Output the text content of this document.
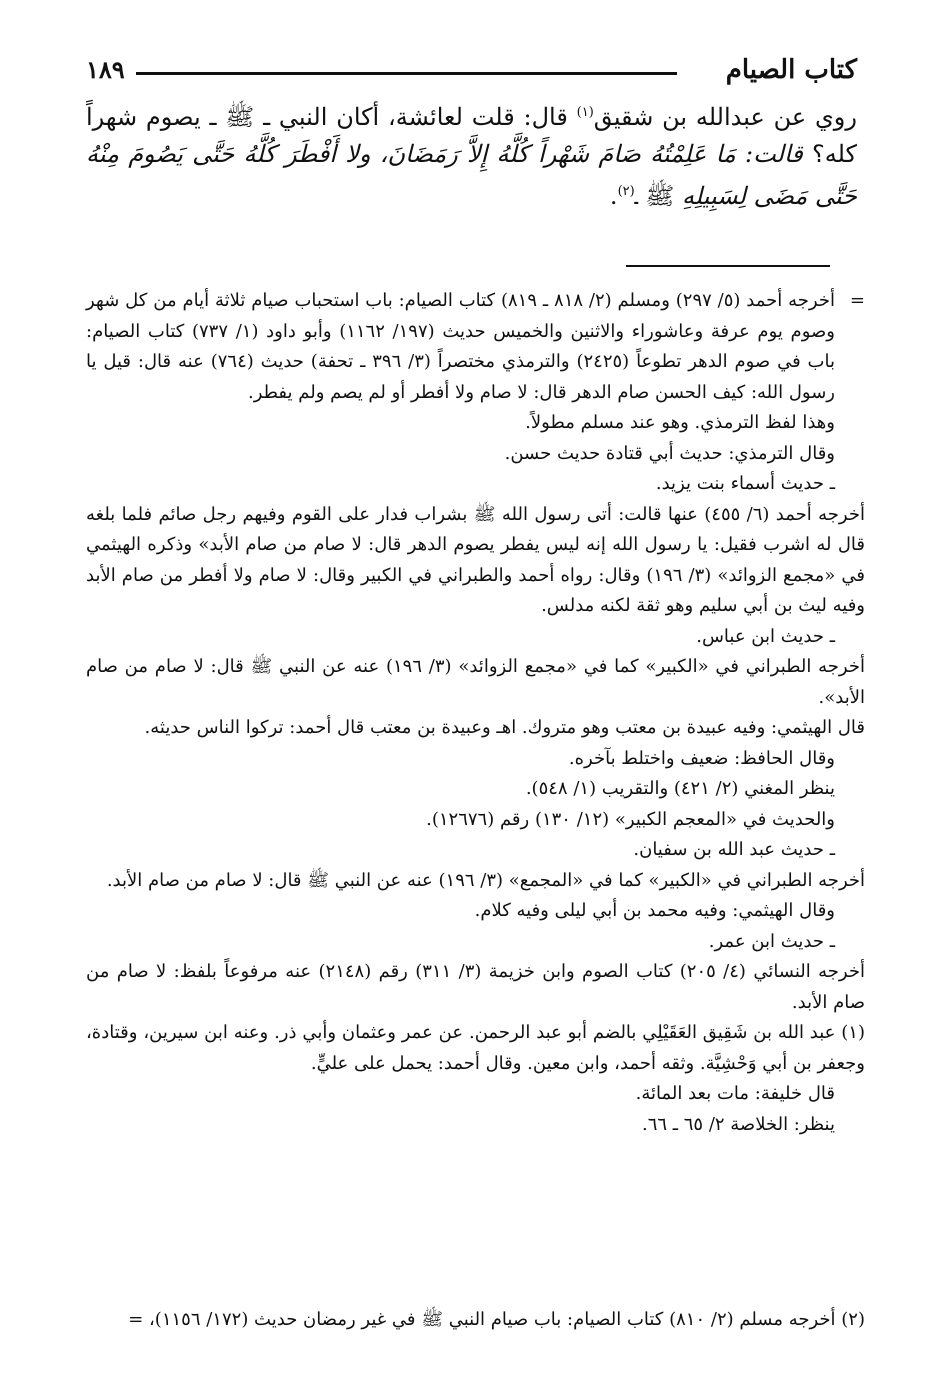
كتاب الصيام
١٨٩

روي عن عبدالله بن شقيق$^{(١)}$ قال: قلت لعائشة، أكان النبي ـ ﷺ ـ يصوم شهراً كله؟ قالت: مَا عَلِمْتُهُ صَامَ شَهْراً كُلَّهُ إِلاَّ رَمَضَانَ، ولا أَفْطَرَ كُلَّهُ حَتَّى يَصُومَ مِنْهُ حَتَّى مَضَى لِسَبِيلِهِ ﷺ ـ$^{(٢)}$.

=

أخرجه أحمد (٥/ ٢٩٧) ومسلم (٢/ ٨١٨ ـ ٨١٩) كتاب الصيام: باب استحباب صيام ثلاثة أيام من كل شهر وصوم يوم عرفة وعاشوراء والاثنين والخميس حديث (١٩٧/ ١١٦٢) وأبو داود (١/ ٧٣٧) كتاب الصيام: باب في صوم الدهر تطوعاً (٢٤٢٥) والترمذي مختصراً (٣/ ٣٩٦ ـ تحفة) حديث (٧٦٤) عنه قال: قيل يا رسول الله: كيف الحسن صام الدهر قال: لا صام ولا أفطر أو لم يصم ولم يفطر.

وهذا لفظ الترمذي. وهو عند مسلم مطولاً.

وقال الترمذي: حديث أبي قتادة حديث حسن.

ـ حديث أسماء بنت يزيد.

أخرجه أحمد (٦/ ٤٥٥) عنها قالت: أتى رسول الله ﷺ بشراب فدار على القوم وفيهم رجل صائم فلما بلغه قال له اشرب فقيل: يا رسول الله إنه ليس يفطر يصوم الدهر قال: لا صام من صام الأبد» وذكره الهيثمي في «مجمع الزوائد» (٣/ ١٩٦) وقال: رواه أحمد والطبراني في الكبير وقال: لا صام ولا أفطر من صام الأبد وفيه ليث بن أبي سليم وهو ثقة لكنه مدلس.

ـ حديث ابن عباس.

أخرجه الطبراني في «الكبير» كما في «مجمع الزوائد» (٣/ ١٩٦) عنه عن النبي ﷺ قال: لا صام من صام الأبد».

قال الهيثمي: وفيه عبيدة بن معتب وهو متروك. اهـ وعبيدة بن معتب قال أحمد: تركوا الناس حديثه.

وقال الحافظ: ضعيف واختلط بآخره.

ينظر المغني (٢/ ٤٢١) والتقريب (١/ ٥٤٨).

والحديث في «المعجم الكبير» (١٢/ ١٣٠) رقم (١٢٦٧٦).

ـ حديث عبد الله بن سفيان.

أخرجه الطبراني في «الكبير» كما في «المجمع» (٣/ ١٩٦) عنه عن النبي ﷺ قال: لا صام من صام الأبد.

وقال الهيثمي: وفيه محمد بن أبي ليلى وفيه كلام.

ـ حديث ابن عمر.

أخرجه النسائي (٤/ ٢٠٥) كتاب الصوم وابن خزيمة (٣/ ٣١١) رقم (٢١٤٨) عنه مرفوعاً بلفظ: لا صام من صام الأبد.

(١) عبد الله بن شَقِيق العَقَيْلِي بالضم أبو عبد الرحمن. عن عمر وعثمان وأبي ذر. وعنه ابن سيرين، وقتادة، وجعفر بن أبي وَحْشِيَّة. وثقه أحمد، وابن معين. وقال أحمد: يحمل على عليٍّ.

قال خليفة: مات بعد المائة.

ينظر: الخلاصة ٢/ ٦٥ ـ ٦٦.

(٢) أخرجه مسلم (٢/ ٨١٠) كتاب الصيام: باب صيام النبي ﷺ في غير رمضان حديث (١٧٢/ ١١٥٦)، =
